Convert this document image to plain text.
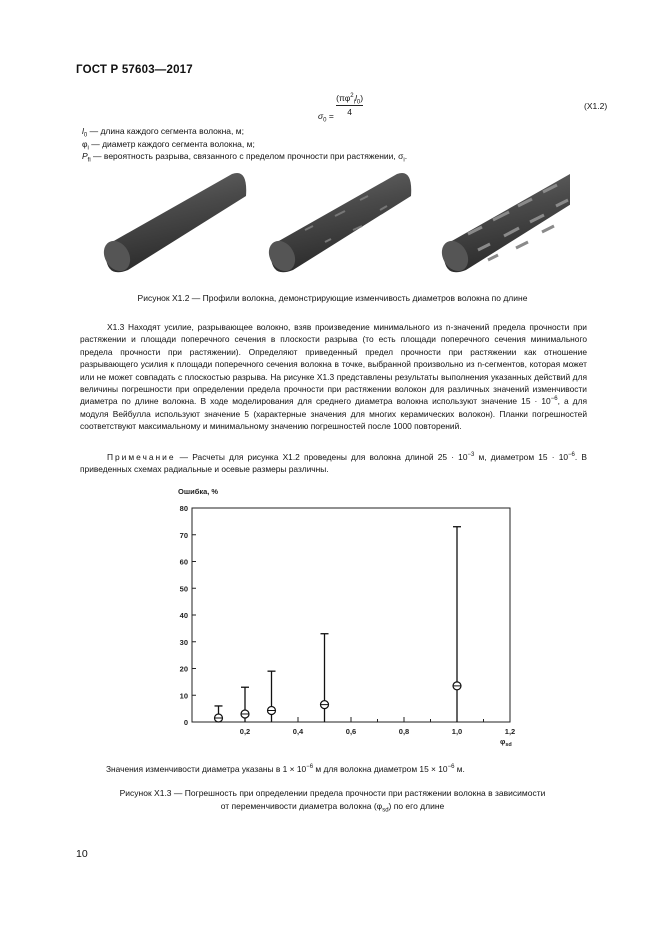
ГОСТ Р 57603—2017
$\sigma_0 = \frac{(\pi\varphi^2_il_0)}{4}$	(X1.2)
$l_0$ — длина каждого сегмента волокна, м;
$\varphi_i$ — диаметр каждого сегмента волокна, м;
$P_{fi}$ — вероятность разрыва, связанного с пределом прочности при растяжении, $\sigma_i$.
Рисунок X1.2 — Профили волокна, демонстрирующие изменчивость диаметров волокна по длине
X1.3 Находят усилие, разрывающее волокно, взяв произведение минимального из n-значений предела прочности при растяжении и площади поперечного сечения в плоскости разрыва (то есть площади поперечного сечения минимального предела прочности при растяжении). Определяют приведенный предел прочности при растяжении как отношение разрывающего усилия к площади поперечного сечения волокна в точке, выбранной произвольно из n-сегментов, которая может или не может совпадать с плоскостью разрыва. На рисунке X1.3 представлены результаты выполнения указанных действий для величины погрешности при определении предела прочности при растяжении волокон для различных значений изменчивости диаметра по длине волокна. В ходе моделирования для среднего диаметра волокна используют значение $15 \cdot 10^{-6}$, а для модуля Вейбулла используют значение 5 (характерные значения для многих керамических волокон). Планки погрешностей соответствуют максимальному и минимальному значению погрешностей после 1000 повторений.
Примечание — Расчеты для рисунка X1.2 проведены для волокна длиной $25 \cdot 10^{-3}$ м, диаметром $15 \cdot 10^{-6}$. В приведенных схемах радиальные и осевые размеры различны.
Ошибка, %
0
10
20
30
40
50
60
70
80
0,2	0,4	0,6	0,8	1,0	1,2
$\varphi_{sd}$
Значения изменчивости диаметра указаны в $1 \times 10^{-6}$ м для волокна диаметром $15 \times 10^{-6}$ м.
Рисунок X1.3 — Погрешность при определении предела прочности при растяжении волокна в зависимости
от переменчивости диаметра волокна $(\varphi_{sd})$ по его длине
10
